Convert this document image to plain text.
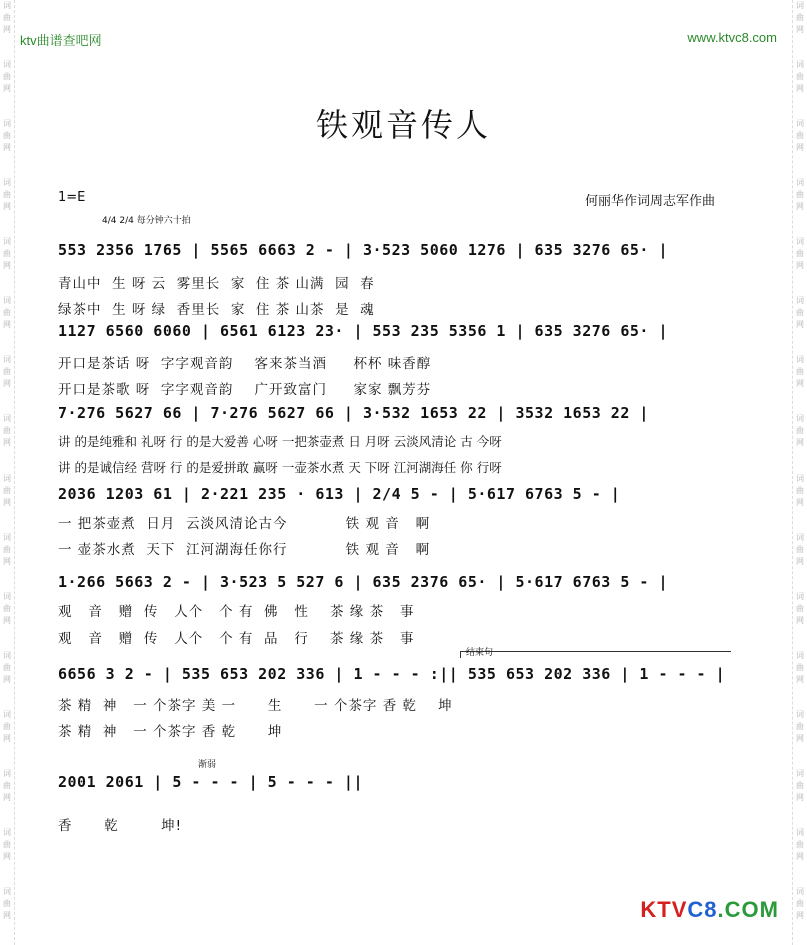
词
曲
网
词
曲
网
词
曲
网
词
曲
网
词
曲
网
词
曲
网
词
曲
网
词
曲
网
词
曲
网
词
曲
网
词
曲
网
词
曲
网
词
曲
网
词
曲
网
词
曲
网
词
曲
网
词
曲
网
词
曲
网
词
曲
网
词
曲
网
词
曲
网
词
曲
网
词
曲
网
词
曲
网
词
曲
网
词
曲
网
词
曲
网
词
曲
网
词
曲
网
词
曲
网
词
曲
网
词
曲
网
ktv曲谱查吧网	www.ktvc8.com
铁观音传人
1=E
4/4 2/4 每分钟六十拍
何丽华作词周志军作曲
553 2356 1765 | 5565 6663 2 - | 3·523 5060 1276 | 635 3276 65· |
青山中  生 呀 云  雾里长  家  住 茶 山满  园  春
绿茶中  生 呀 绿  香里长  家  住 茶 山茶  是  魂
1127 6560 6060 | 6561 6123 23· | 553 235 5356 1 | 635 3276 65· |
开口是茶话 呀  字字观音韵    客来茶当酒     杯杯 味香醇
开口是茶歌 呀  字字观音韵    广开致富门     家家 飘芳芬
7·276 5627 66 | 7·276 5627 66 | 3·532 1653 22 | 3532 1653 22 |
讲 的是纯雅和 礼呀 行 的是大爱善 心呀 一把茶壶煮 日 月呀 云淡风清论 古 今呀
讲 的是诚信经 营呀 行 的是爱拼敢 赢呀 一壶茶水煮 天 下呀 江河湖海任 你 行呀
2036 1203 61 | 2·221 235 · 613 | 2/4 5 - | 5·617 6763 5 - |
一 把茶壶煮  日月  云淡风清论古今           铁 观 音   啊
一 壶茶水煮  天下  江河湖海任你行           铁 观 音   啊
1·266 5663 2 - | 3·523 5 527 6 | 635 2376 65· | 5·617 6763 5 - |
观   音   赠  传   人个   个 有  佛   性    茶 缘 茶   事
观   音   赠  传   人个   个 有  品   行    茶 缘 茶   事
结束句
6656 3 2 - | 535 653 202 336 | 1 - - - :|| 535 653 202 336 | 1 - - - |
茶 精  神   一 个茶字 美 一      生      一 个茶字 香 乾    坤
茶 精  神   一 个茶字 香 乾      坤
渐弱
2001 2061 | 5 - - - | 5 - - - ||
香      乾        坤!
KTVC8.COM
